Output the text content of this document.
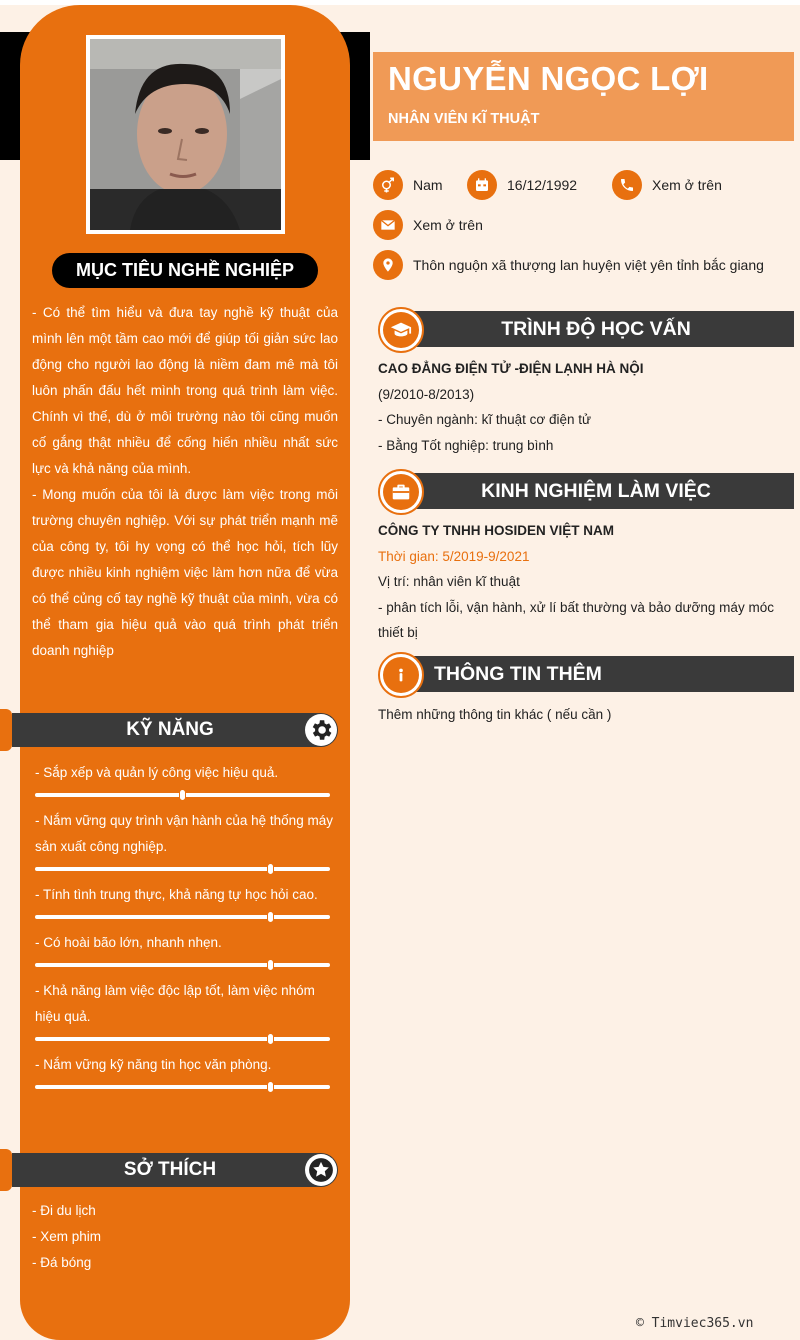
MỤC TIÊU NGHỀ NGHIỆP

- Có thể tìm hiểu và đưa tay nghề kỹ thuật của mình lên một tầm cao mới để giúp tối giản sức lao động cho người lao động là niềm đam mê mà tôi luôn phấn đấu hết mình trong quá trình làm việc. Chính vì thế, dù ở môi trường nào tôi cũng muốn cố gắng thật nhiều để cống hiến nhiều nhất sức lực và khả năng của mình.

- Mong muốn của tôi là được làm việc trong môi trường chuyên nghiệp. Với sự phát triển mạnh mẽ của công ty, tôi hy vọng có thể học hỏi, tích lũy được nhiều kinh nghiệm việc làm hơn nữa để vừa có thể củng cố tay nghề kỹ thuật của mình, vừa có thể tham gia hiệu quả vào quá trình phát triển doanh nghiệp

KỸ NĂNG
- Sắp xếp và quản lý công việc hiệu quả.
- Nắm vững quy trình vận hành của hệ thống máy sản xuất công nghiệp.
- Tính tình trung thực, khả năng tự học hỏi cao.
- Có hoài bão lớn, nhanh nhẹn.
- Khả năng làm việc độc lập tốt, làm việc nhóm hiệu quả.
- Nắm vững kỹ năng tin học văn phòng.
SỞ THÍCH
- Đi du lịch
- Xem phim
- Đá bóng
NGUYỄN NGỌC LỢI
NHÂN VIÊN KĨ THUẬT
Nam	16/12/1992	Xem ở trên
Xem ở trên
Thôn nguộn xã thượng lan huyện việt yên tỉnh bắc giang
TRÌNH ĐỘ HỌC VẤN
CAO ĐẲNG ĐIỆN TỬ -ĐIỆN LẠNH HÀ NỘI
(9/2010-8/2013)
- Chuyên ngành: kĩ thuật cơ điện tử
- Bằng Tốt nghiệp: trung bình
KINH NGHIỆM LÀM VIỆC
CÔNG TY TNHH HOSIDEN VIỆT NAM
Thời gian: 5/2019-9/2021
Vị trí: nhân viên kĩ thuật
- phân tích lỗi, vận hành, xử lí bất thường và bảo dưỡng máy móc thiết bị
THÔNG TIN THÊM
Thêm những thông tin khác ( nếu cần )
© Timviec365.vn
